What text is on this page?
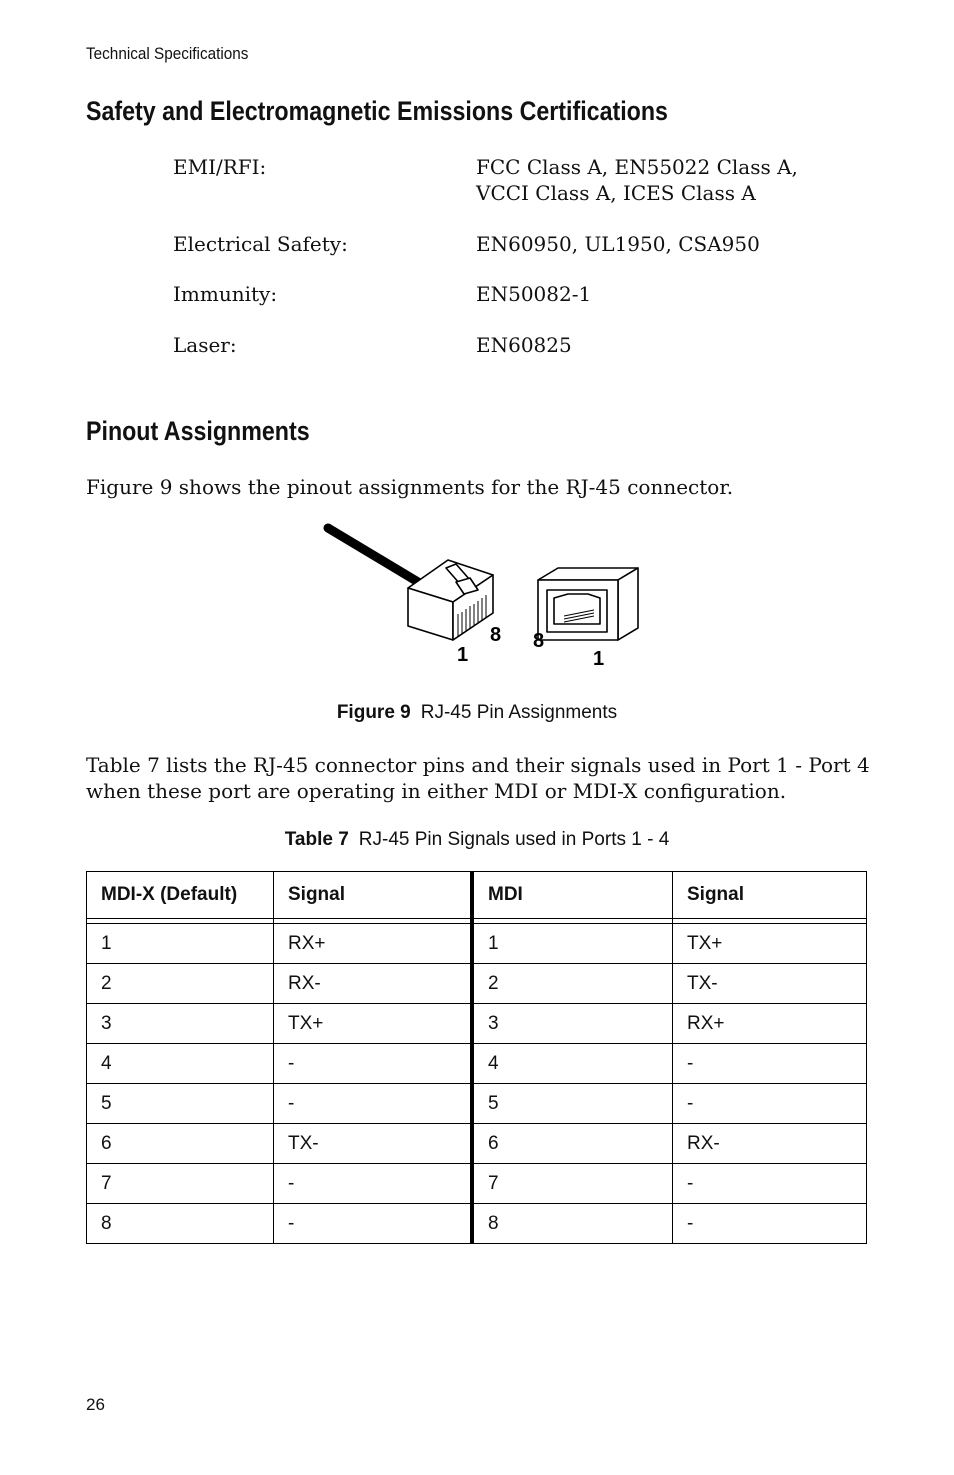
Technical Specifications
Safety and Electromagnetic Emissions Certifications
EMI/RFI:	FCC Class A, EN55022 Class A,
VCCI Class A, ICES Class A
Electrical Safety:	EN60950, UL1950, CSA950
Immunity:	EN50082-1
Laser:	EN60825
Pinout Assignments
Figure 9 shows the pinout assignments for the RJ-45 connector.
1
8 8
1
Figure 9 RJ-45 Pin Assignments
Table 7 lists the RJ-45 connector pins and their signals used in Port 1 - Port 4 when these port are operating in either MDI or MDI-X configuration.
Table 7 RJ-45 Pin Signals used in Ports 1 - 4
MDI-X (Default)	Signal	MDI	Signal

1	RX+	1	TX+
2	RX-	2	TX-
3	TX+	3	RX+
4	-	4	-
5	-	5	-
6	TX-	6	RX-
7	-	7	-
8	-	8	-
26
